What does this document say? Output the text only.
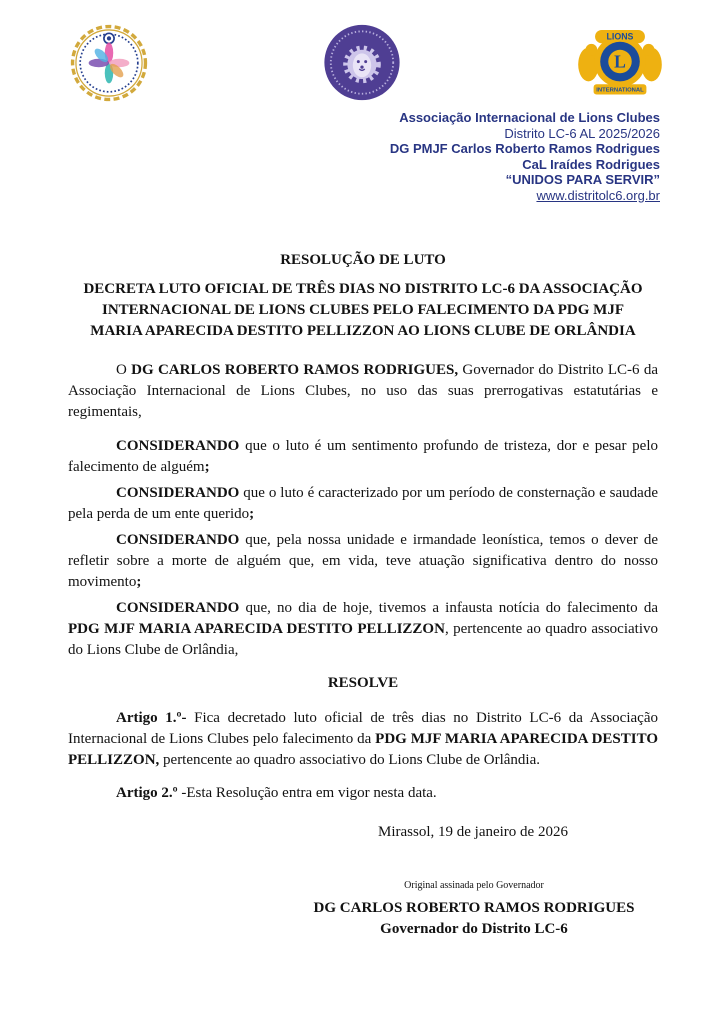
LIONS
L
INTERNATIONAL
Associação Internacional de Lions Clubes
Distrito LC-6 AL 2025/2026
DG PMJF Carlos Roberto Ramos Rodrigues
CaL Iraídes Rodrigues
“UNIDOS PARA SERVIR”
www.distritolc6.org.br
RESOLUÇÃO DE LUTO
DECRETA LUTO OFICIAL DE TRÊS DIAS NO DISTRITO LC-6 DA ASSOCIAÇÃO INTERNACIONAL DE LIONS CLUBES PELO FALECIMENTO DA PDG MJF MARIA APARECIDA DESTITO PELLIZZON AO LIONS CLUBE DE ORLÂNDIA

O DG CARLOS ROBERTO RAMOS RODRIGUES, Governador do Distrito LC-6 da Associação Internacional de Lions Clubes, no uso das suas prerrogativas estatutárias e regimentais,

CONSIDERANDO que o luto é um sentimento profundo de tristeza, dor e pesar pelo falecimento de alguém;

CONSIDERANDO que o luto é caracterizado por um período de consternação e saudade pela perda de um ente querido;

CONSIDERANDO que, pela nossa unidade e irmandade leonística, temos o dever de refletir sobre a morte de alguém que, em vida, teve atuação significativa dentro do nosso movimento;

CONSIDERANDO que, no dia de hoje, tivemos a infausta notícia do falecimento da PDG MJF MARIA APARECIDA DESTITO PELLIZZON, pertencente ao quadro associativo do Lions Clube de Orlândia,

RESOLVE

Artigo 1.º- Fica decretado luto oficial de três dias no Distrito LC-6 da Associação Internacional de Lions Clubes pelo falecimento da PDG MJF MARIA APARECIDA DESTITO PELLIZZON, pertencente ao quadro associativo do Lions Clube de Orlândia.

Artigo 2.º -Esta Resolução entra em vigor nesta data.

Mirassol, 19 de janeiro de 2026

Original assinada pelo Governador

DG CARLOS ROBERTO RAMOS RODRIGUES

Governador do Distrito LC-6
